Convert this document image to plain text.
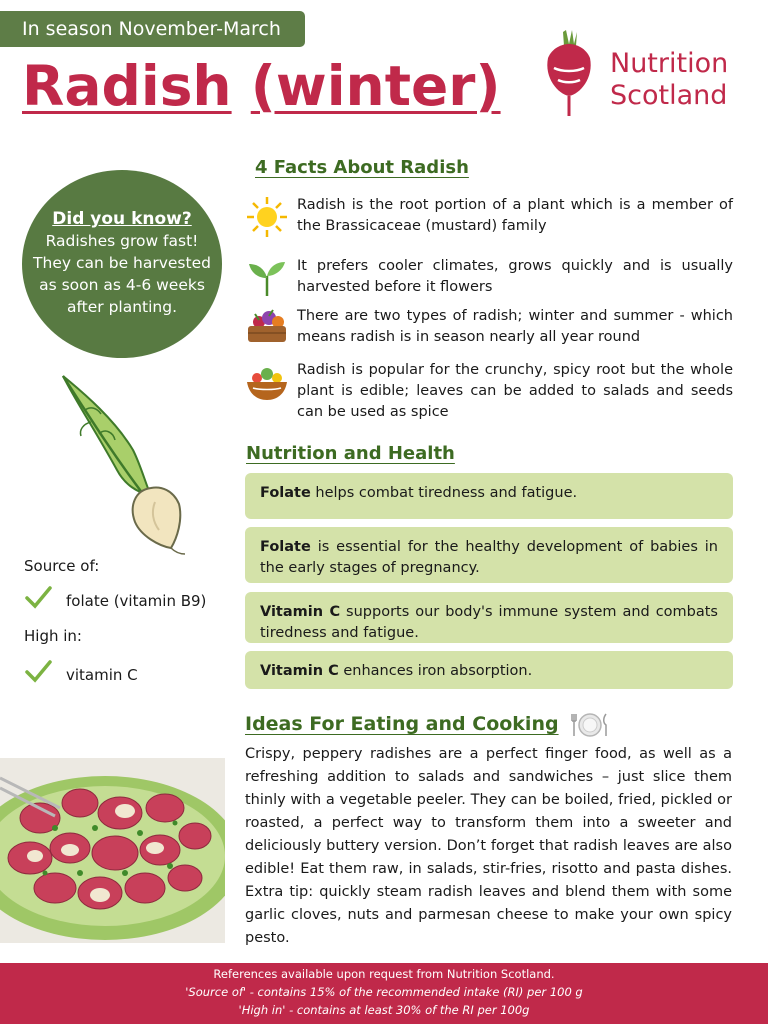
In season November-March
Radish (winter)	Nutrition
Scotland
Did you know?
Radishes grow fast! They can be harvested as soon as 4-6 weeks after planting.
Source of:
folate (vitamin B9)
High in:
vitamin C
4 Facts About Radish
Radish is the root portion of a plant which is a member of the Brassicaceae (mustard) family
It prefers cooler climates, grows quickly and is usually harvested before it flowers
There are two types of radish; winter and summer - which means radish is in season nearly all year round
Radish is popular for the crunchy, spicy root but the whole plant is edible; leaves can be added to salads and seeds can be used as spice
Nutrition and Health
Folate helps combat tiredness and fatigue.
Folate is essential for the healthy development of babies in the early stages of pregnancy.
Vitamin C supports our body's immune system and combats tiredness and fatigue.
Vitamin C enhances iron absorption.
Ideas For Eating and Cooking
Crispy, peppery radishes are a perfect finger food, as well as a refreshing addition to salads and sandwiches – just slice them thinly with a vegetable peeler. They can be boiled, fried, pickled or roasted, a perfect way to transform them into a sweeter and deliciously buttery version. Don’t forget that radish leaves are also edible! Eat them raw, in salads, stir-fries, risotto and pasta dishes. Extra tip: quickly steam radish leaves and blend them with some garlic cloves, nuts and parmesan cheese to make your own spicy pesto.
References available upon request from Nutrition Scotland.
'Source of' - contains 15% of the recommended intake (RI) per 100 g
'High in' - contains at least 30% of the RI per 100g
